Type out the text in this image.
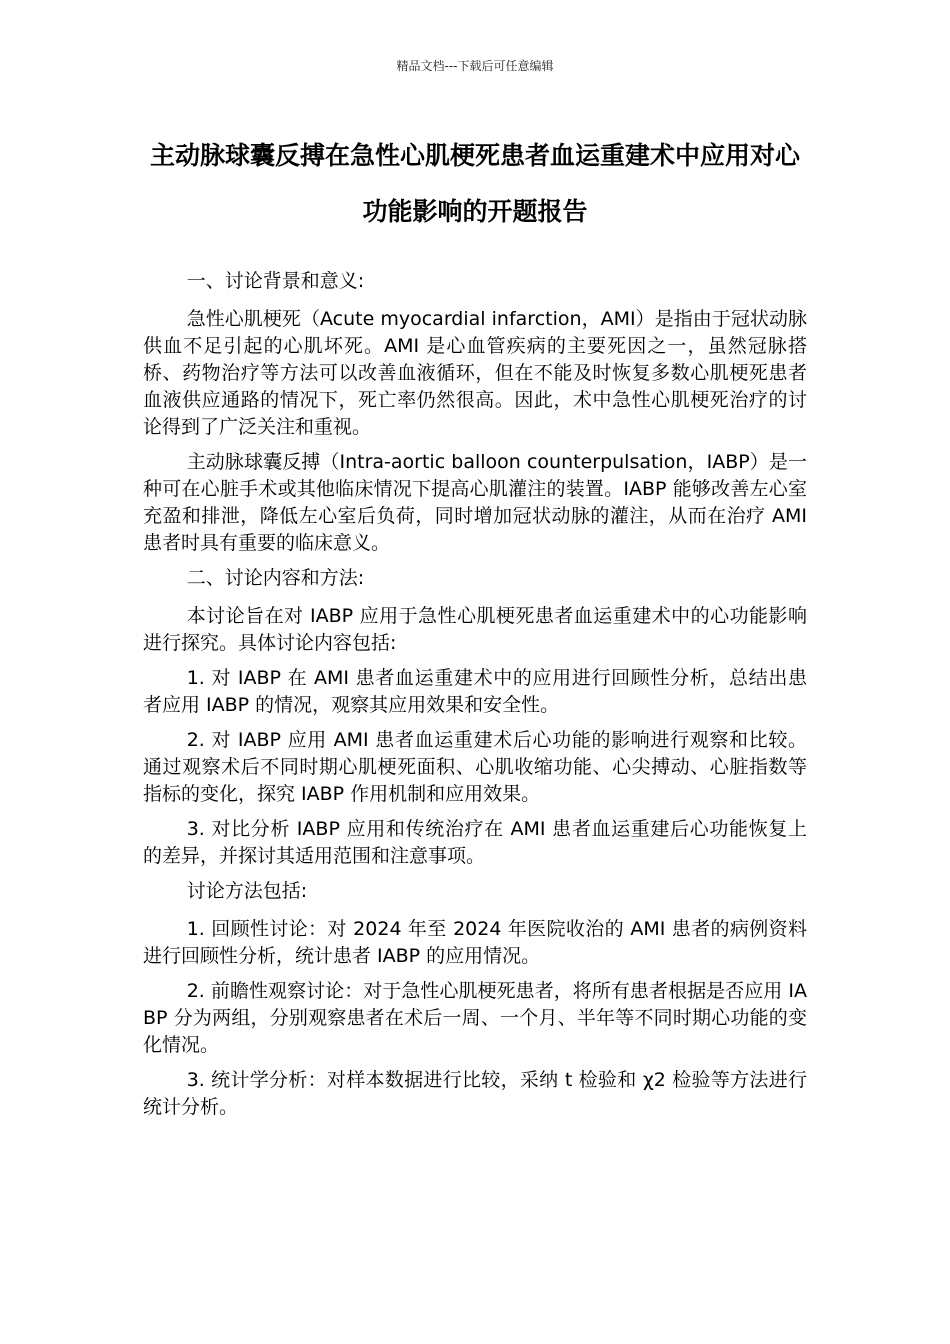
精品文档---下载后可任意编辑
主动脉球囊反搏在急性心肌梗死患者血运重建术中应用对心功能影响的开题报告

一、讨论背景和意义:

急性心肌梗死（Acute myocardial infarction，AMI）是指由于冠状动脉供血不足引起的心肌坏死。AMI 是心血管疾病的主要死因之一，虽然冠脉搭桥、药物治疗等方法可以改善血液循环，但在不能及时恢复多数心肌梗死患者血液供应通路的情况下，死亡率仍然很高。因此，术中急性心肌梗死治疗的讨论得到了广泛关注和重视。

主动脉球囊反搏（Intra-aortic balloon counterpulsation，IABP）是一种可在心脏手术或其他临床情况下提高心肌灌注的装置。IABP 能够改善左心室充盈和排泄，降低左心室后负荷，同时增加冠状动脉的灌注，从而在治疗 AMI 患者时具有重要的临床意义。

二、讨论内容和方法:

本讨论旨在对 IABP 应用于急性心肌梗死患者血运重建术中的心功能影响进行探究。具体讨论内容包括:

1. 对 IABP 在 AMI 患者血运重建术中的应用进行回顾性分析，总结出患者应用 IABP 的情况，观察其应用效果和安全性。

2. 对 IABP 应用 AMI 患者血运重建术后心功能的影响进行观察和比较。通过观察术后不同时期心肌梗死面积、心肌收缩功能、心尖搏动、心脏指数等指标的变化，探究 IABP 作用机制和应用效果。

3. 对比分析 IABP 应用和传统治疗在 AMI 患者血运重建后心功能恢复上的差异，并探讨其适用范围和注意事项。

讨论方法包括:

1. 回顾性讨论：对 2024 年至 2024 年医院收治的 AMI 患者的病例资料进行回顾性分析，统计患者 IABP 的应用情况。

2. 前瞻性观察讨论：对于急性心肌梗死患者，将所有患者根据是否应用 IABP 分为两组，分别观察患者在术后一周、一个月、半年等不同时期心功能的变化情况。

3. 统计学分析：对样本数据进行比较，采纳 t 检验和 χ2 检验等方法进行统计分析。
